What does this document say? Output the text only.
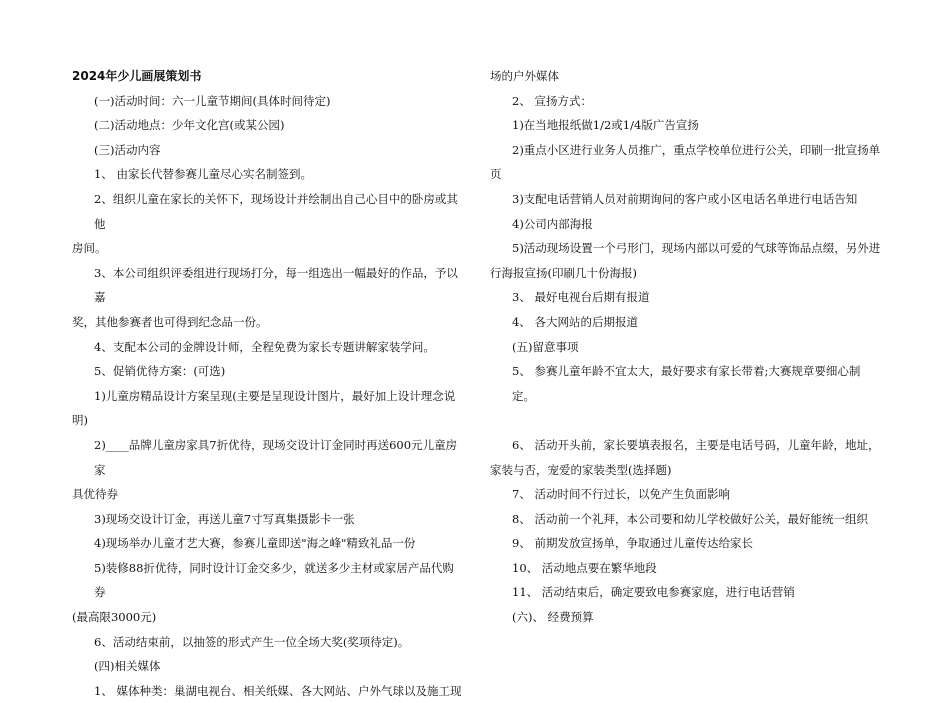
2024年少儿画展策划书
(一)活动时间：六一儿童节期间(具体时间待定)
(二)活动地点：少年文化宫(或某公园)
(三)活动内容
1、 由家长代替参赛儿童尽心实名制签到。
2、组织儿童在家长的关怀下，现场设计并绘制出自己心目中的卧房或其他
房间。
3、本公司组织评委组进行现场打分，每一组选出一幅最好的作品，予以嘉
奖，其他参赛者也可得到纪念品一份。
4、支配本公司的金牌设计师，全程免费为家长专题讲解家装学问。
5、促销优待方案：(可选)
1)儿童房精品设计方案呈现(主要是呈现设计图片，最好加上设计理念说
明)
2)____品牌儿童房家具7折优待，现场交设计订金同时再送600元儿童房家
具优待券
3)现场交设计订金，再送儿童7寸写真集摄影卡一张
4)现场举办儿童才艺大赛，参赛儿童即送"海之峰"精致礼品一份
5)装修88折优待，同时设计订金交多少，就送多少主材或家居产品代购券
(最高限3000元)
6、活动结束前，以抽签的形式产生一位全场大奖(奖项待定)。
(四)相关媒体
1、 媒体种类：巢湖电视台、相关纸媒、各大网站、户外气球以及施工现
场的户外媒体
2、 宣扬方式：
1)在当地报纸做1/2或1/4版广告宣扬
2)重点小区进行业务人员推广，重点学校单位进行公关，印刷一批宣扬单
页
3)支配电话营销人员对前期询问的客户或小区电话名单进行电话告知
4)公司内部海报
5)活动现场设置一个弓形门，现场内部以可爱的气球等饰品点缀，另外进
行海报宣扬(印刷几十份海报)
3、 最好电视台后期有报道
4、 各大网站的后期报道
(五)留意事项
5、 参赛儿童年龄不宜太大，最好要求有家长带着;大赛规章要细心制定。
6、 活动开头前，家长要填表报名，主要是电话号码，儿童年龄，地址，
家装与否，宠爱的家装类型(选择题)
7、 活动时间不行过长，以免产生负面影响
8、 活动前一个礼拜，本公司要和幼儿学校做好公关，最好能统一组织
9、 前期发放宣扬单，争取通过儿童传达给家长
10、 活动地点要在繁华地段
11、 活动结束后，确定要致电参赛家庭，进行电话营销
(六)、 经费预算
